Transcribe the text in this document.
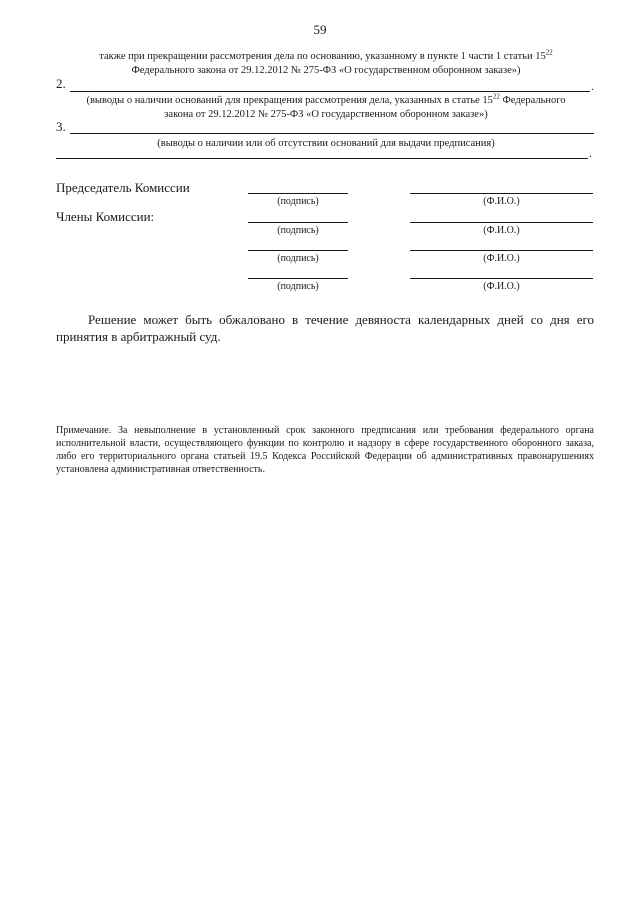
59
также при прекращении рассмотрения дела по основанию, указанному в пункте 1 части 1 статьи $15^{22}$
Федерального закона от 29.12.2012 № 275-ФЗ «О государственном оборонном заказе»)
2.	.
(выводы о наличии оснований для прекращения рассмотрения дела, указанных в статье $15^{22}$ Федерального
закона от 29.12.2012 № 275-ФЗ «О государственном оборонном заказе»)
3.
(выводы о наличии или об отсутствии оснований для выдачи предписания)
.
Председатель Комиссии
(подпись)	(Ф.И.О.)
Члены Комиссии:
(подпись)	(Ф.И.О.)
(подпись)	(Ф.И.О.)
(подпись)	(Ф.И.О.)
Решение может быть обжаловано в течение девяноста календарных дней со дня его принятия в арбитражный суд.
Примечание. За невыполнение в установленный срок законного предписания или требования федерального органа исполнительной власти, осуществляющего функции по контролю и надзору в сфере государственного оборонного заказа, либо его территориального органа статьей 19.5 Кодекса Российской Федерации об административных правонарушениях установлена административная ответственность.
